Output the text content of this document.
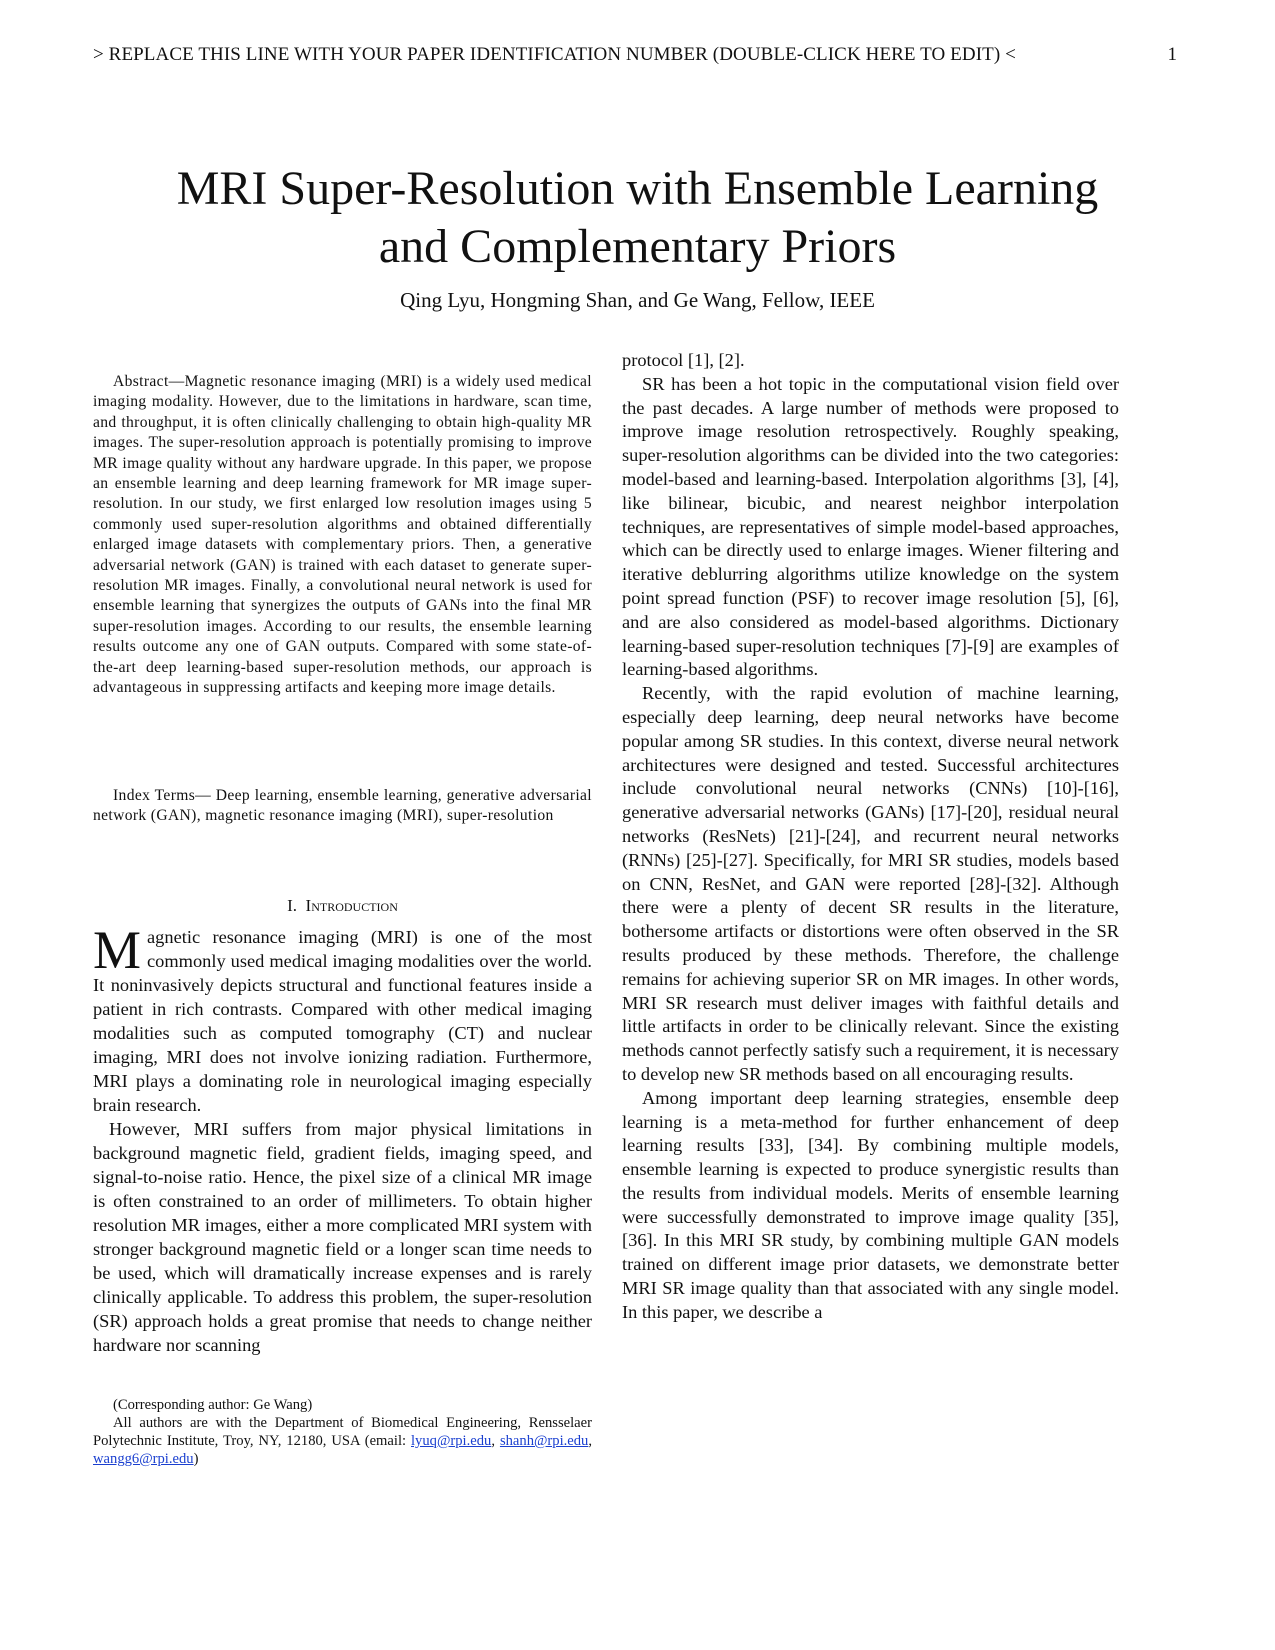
> REPLACE THIS LINE WITH YOUR PAPER IDENTIFICATION NUMBER (DOUBLE-CLICK HERE TO EDIT) <	1
MRI Super-Resolution with Ensemble Learning
and Complementary Priors
Qing Lyu, Hongming Shan, and Ge Wang, Fellow, IEEE

Abstract—Magnetic resonance imaging (MRI) is a widely used medical imaging modality. However, due to the limitations in hardware, scan time, and throughput, it is often clinically challenging to obtain high-quality MR images. The super-resolution approach is potentially promising to improve MR image quality without any hardware upgrade. In this paper, we propose an ensemble learning and deep learning framework for MR image super-resolution. In our study, we first enlarged low resolution images using 5 commonly used super-resolution algorithms and obtained differentially enlarged image datasets with complementary priors. Then, a generative adversarial network (GAN) is trained with each dataset to generate super-resolution MR images. Finally, a convolutional neural network is used for ensemble learning that synergizes the outputs of GANs into the final MR super-resolution images. According to our results, the ensemble learning results outcome any one of GAN outputs. Compared with some state-of-the-art deep learning-based super-resolution methods, our approach is advantageous in suppressing artifacts and keeping more image details.

Index Terms— Deep learning, ensemble learning, generative adversarial network (GAN), magnetic resonance imaging (MRI), super-resolution

I. Introduction

Magnetic resonance imaging (MRI) is one of the most commonly used medical imaging modalities over the world. It noninvasively depicts structural and functional features inside a patient in rich contrasts. Compared with other medical imaging modalities such as computed tomography (CT) and nuclear imaging, MRI does not involve ionizing radiation. Furthermore, MRI plays a dominating role in neurological imaging especially brain research.

However, MRI suffers from major physical limitations in background magnetic field, gradient fields, imaging speed, and signal-to-noise ratio. Hence, the pixel size of a clinical MR image is often constrained to an order of millimeters. To obtain higher resolution MR images, either a more complicated MRI system with stronger background magnetic field or a longer scan time needs to be used, which will dramatically increase expenses and is rarely clinically applicable. To address this problem, the super-resolution (SR) approach holds a great promise that needs to change neither hardware nor scanning

protocol [1], [2].

SR has been a hot topic in the computational vision field over the past decades. A large number of methods were proposed to improve image resolution retrospectively. Roughly speaking, super-resolution algorithms can be divided into the two categories: model-based and learning-based. Interpolation algorithms [3], [4], like bilinear, bicubic, and nearest neighbor interpolation techniques, are representatives of simple model-based approaches, which can be directly used to enlarge images. Wiener filtering and iterative deblurring algorithms utilize knowledge on the system point spread function (PSF) to recover image resolution [5], [6], and are also considered as model-based algorithms. Dictionary learning-based super-resolution techniques [7]-[9] are examples of learning-based algorithms.

Recently, with the rapid evolution of machine learning, especially deep learning, deep neural networks have become popular among SR studies. In this context, diverse neural network architectures were designed and tested. Successful architectures include convolutional neural networks (CNNs) [10]-[16], generative adversarial networks (GANs) [17]-[20], residual neural networks (ResNets) [21]-[24], and recurrent neural networks (RNNs) [25]-[27]. Specifically, for MRI SR studies, models based on CNN, ResNet, and GAN were reported [28]-[32]. Although there were a plenty of decent SR results in the literature, bothersome artifacts or distortions were often observed in the SR results produced by these methods. Therefore, the challenge remains for achieving superior SR on MR images. In other words, MRI SR research must deliver images with faithful details and little artifacts in order to be clinically relevant. Since the existing methods cannot perfectly satisfy such a requirement, it is necessary to develop new SR methods based on all encouraging results.

Among important deep learning strategies, ensemble deep learning is a meta-method for further enhancement of deep learning results [33], [34]. By combining multiple models, ensemble learning is expected to produce synergistic results than the results from individual models. Merits of ensemble learning were successfully demonstrated to improve image quality [35], [36]. In this MRI SR study, by combining multiple GAN models trained on different image prior datasets, we demonstrate better MRI SR image quality than that associated with any single model. In this paper, we describe a

(Corresponding author: Ge Wang)

All authors are with the Department of Biomedical Engineering, Rensselaer Polytechnic Institute, Troy, NY, 12180, USA (email: lyuq@rpi.edu, shanh@rpi.edu, wangg6@rpi.edu)
